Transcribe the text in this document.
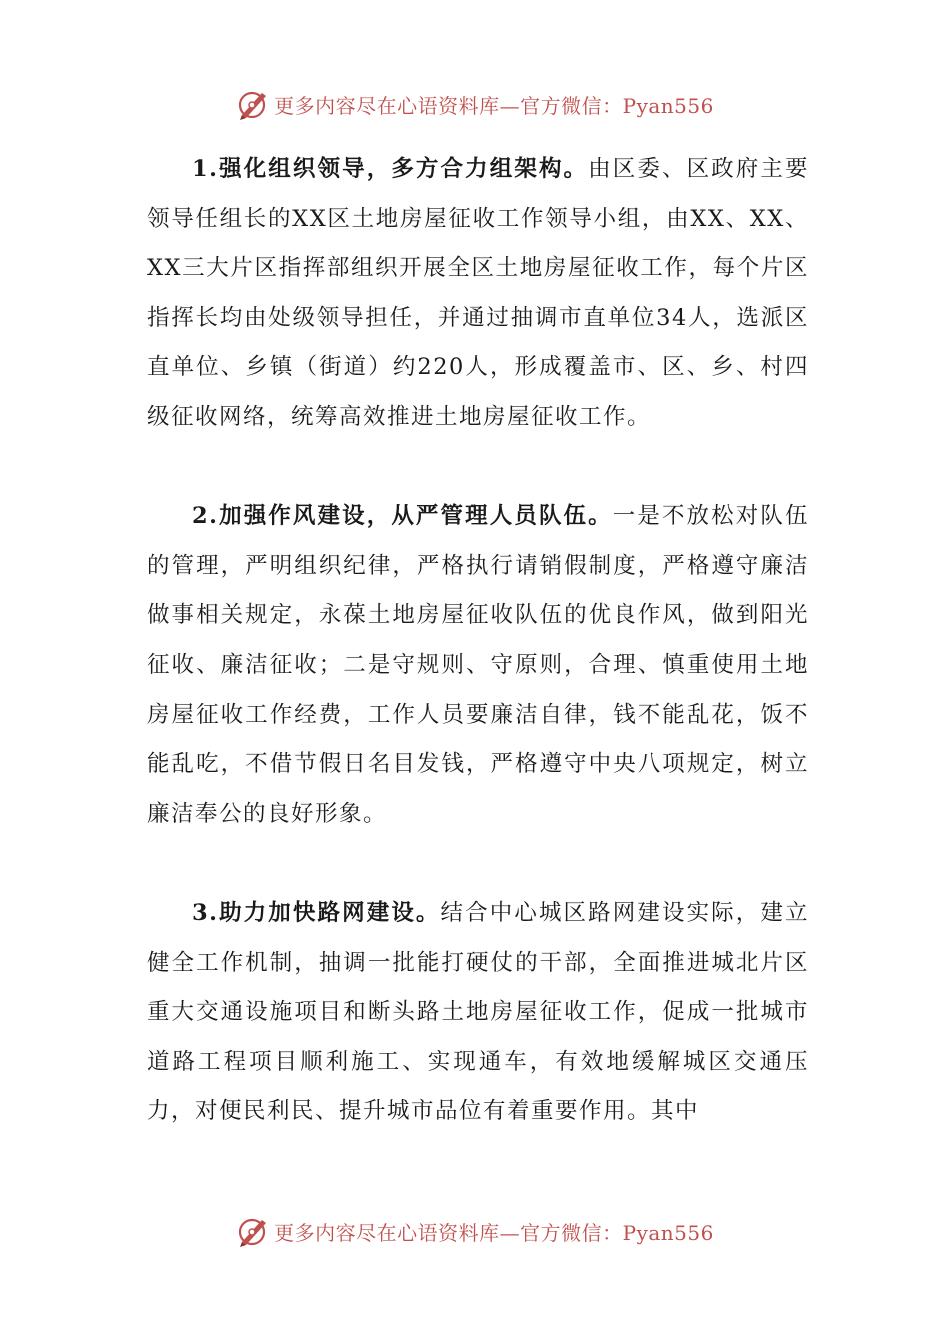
更多内容尽在心语资料库—官方微信：Pyan556

1.强化组织领导，多方合力组架构。由区委、区政府主要领导任组长的XX区土地房屋征收工作领导小组，由XX、XX、XX三大片区指挥部组织开展全区土地房屋征收工作，每个片区指挥长均由处级领导担任，并通过抽调市直单位34人，选派区直单位、乡镇（街道）约220人，形成覆盖市、区、乡、村四级征收网络，统筹高效推进土地房屋征收工作。

2.加强作风建设，从严管理人员队伍。一是不放松对队伍的管理，严明组织纪律，严格执行请销假制度，严格遵守廉洁做事相关规定，永葆土地房屋征收队伍的优良作风，做到阳光征收、廉洁征收；二是守规则、守原则，合理、慎重使用土地房屋征收工作经费，工作人员要廉洁自律，钱不能乱花，饭不能乱吃，不借节假日名目发钱，严格遵守中央八项规定，树立廉洁奉公的良好形象。

3.助力加快路网建设。结合中心城区路网建设实际，建立健全工作机制，抽调一批能打硬仗的干部，全面推进城北片区重大交通设施项目和断头路土地房屋征收工作，促成一批城市道路工程项目顺利施工、实现通车，有效地缓解城区交通压力，对便民利民、提升城市品位有着重要作用。其中

更多内容尽在心语资料库—官方微信：Pyan556
